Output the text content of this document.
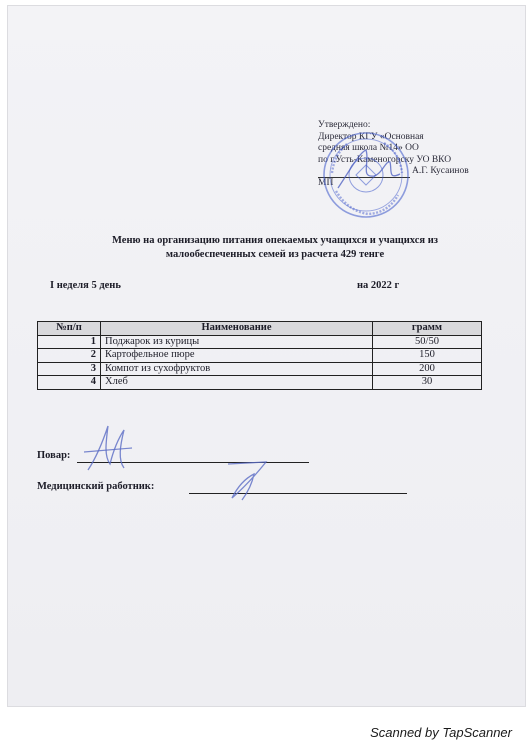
Утверждено:
Директор КГУ «Основная
средняя школа №14» ОО
по г.Усть-Каменогорску УО ВКО
А.Г. Кусаинов
МП
Меню на организацию питания опекаемых учащихся и учащихся из
малообеспеченных семей из расчета 429 тенге
I неделя 5 день	на 2022 г
№п/п	Наименование	грамм
1	Поджарок из курицы	50/50
2	Картофельное пюре	150
3	Компот из сухофруктов	200
4	Хлеб	30
Повар:
Медицинский работник:
Scanned by TapScanner
